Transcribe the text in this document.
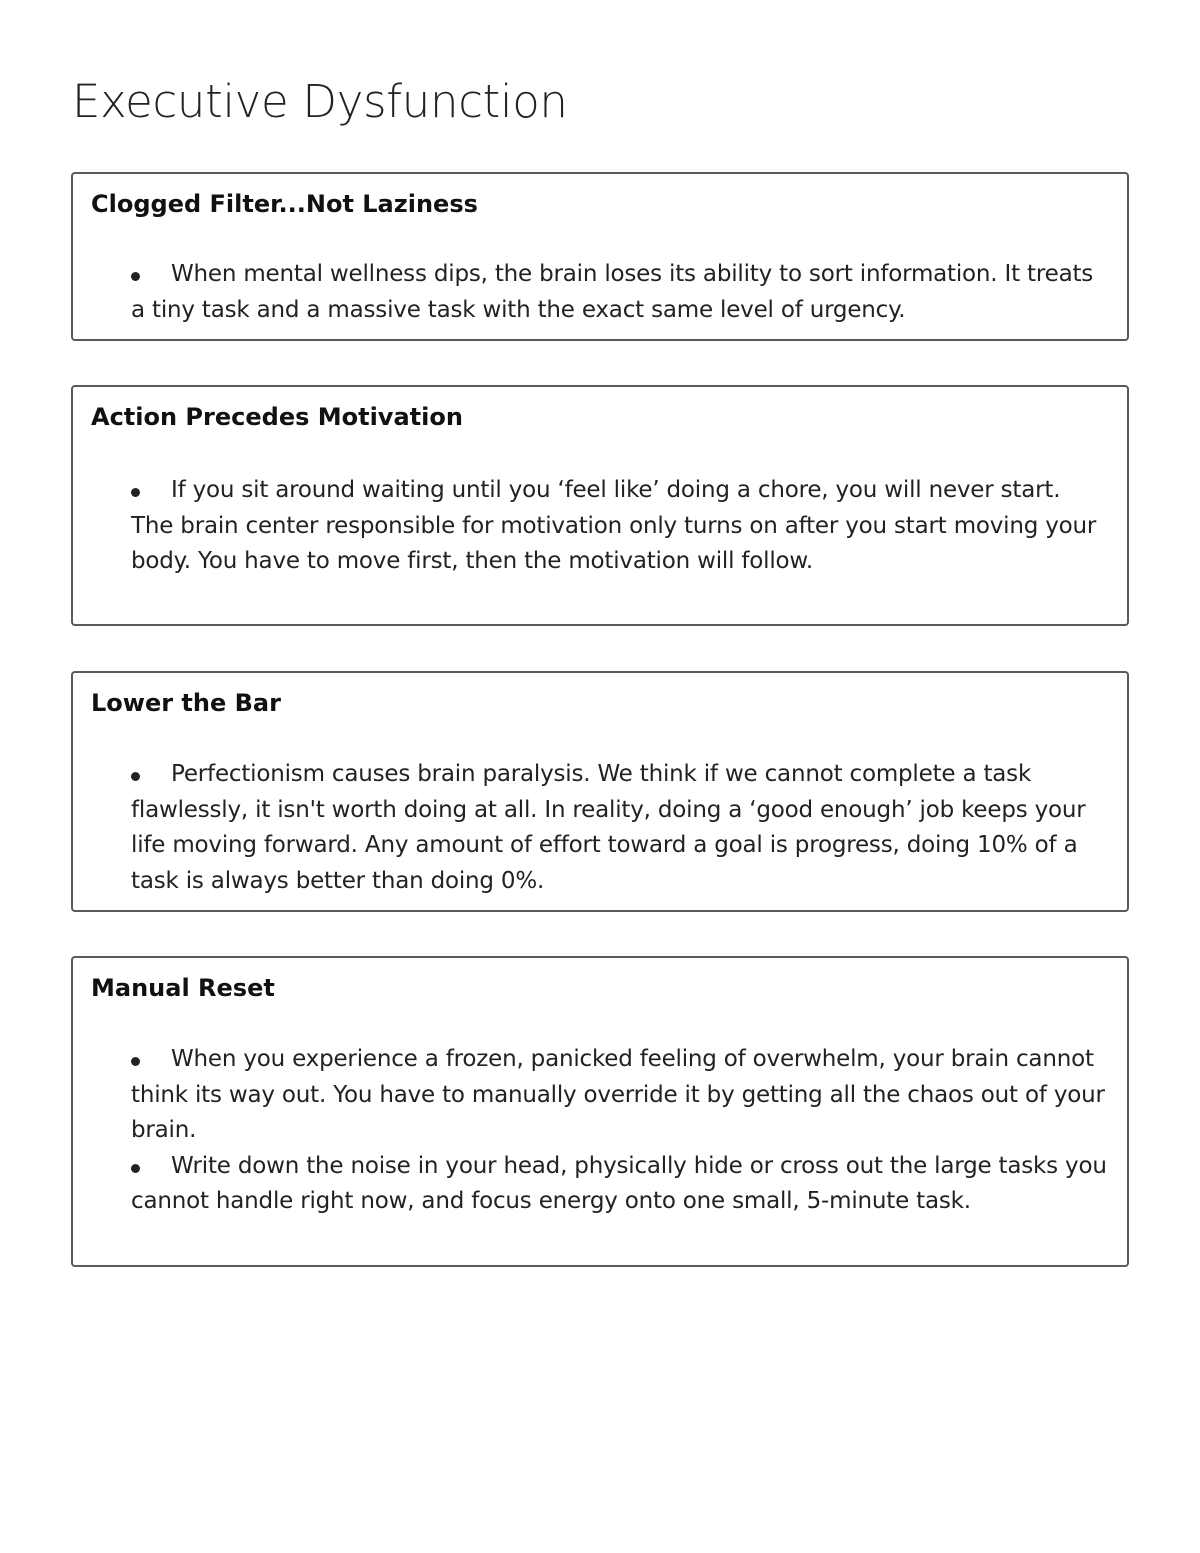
Executive Dysfunction
Clogged Filter...Not Laziness
When mental wellness dips, the brain loses its ability to sort information. It treats a tiny task and a massive task with the exact same level of urgency.
Action Precedes Motivation
If you sit around waiting until you ‘feel like’ doing a chore, you will never start. The brain center responsible for motivation only turns on after you start moving your body. You have to move first, then the motivation will follow.
Lower the Bar
Perfectionism causes brain paralysis. We think if we cannot complete a task flawlessly, it isn't worth doing at all. In reality, doing a ‘good enough’ job keeps your life moving forward. Any amount of effort toward a goal is progress, doing 10% of a task is always better than doing 0%.
Manual Reset
When you experience a frozen, panicked feeling of overwhelm, your brain cannot think its way out. You have to manually override it by getting all the chaos out of your brain.
Write down the noise in your head, physically hide or cross out the large tasks you cannot handle right now, and focus energy onto one small, 5-minute task.
